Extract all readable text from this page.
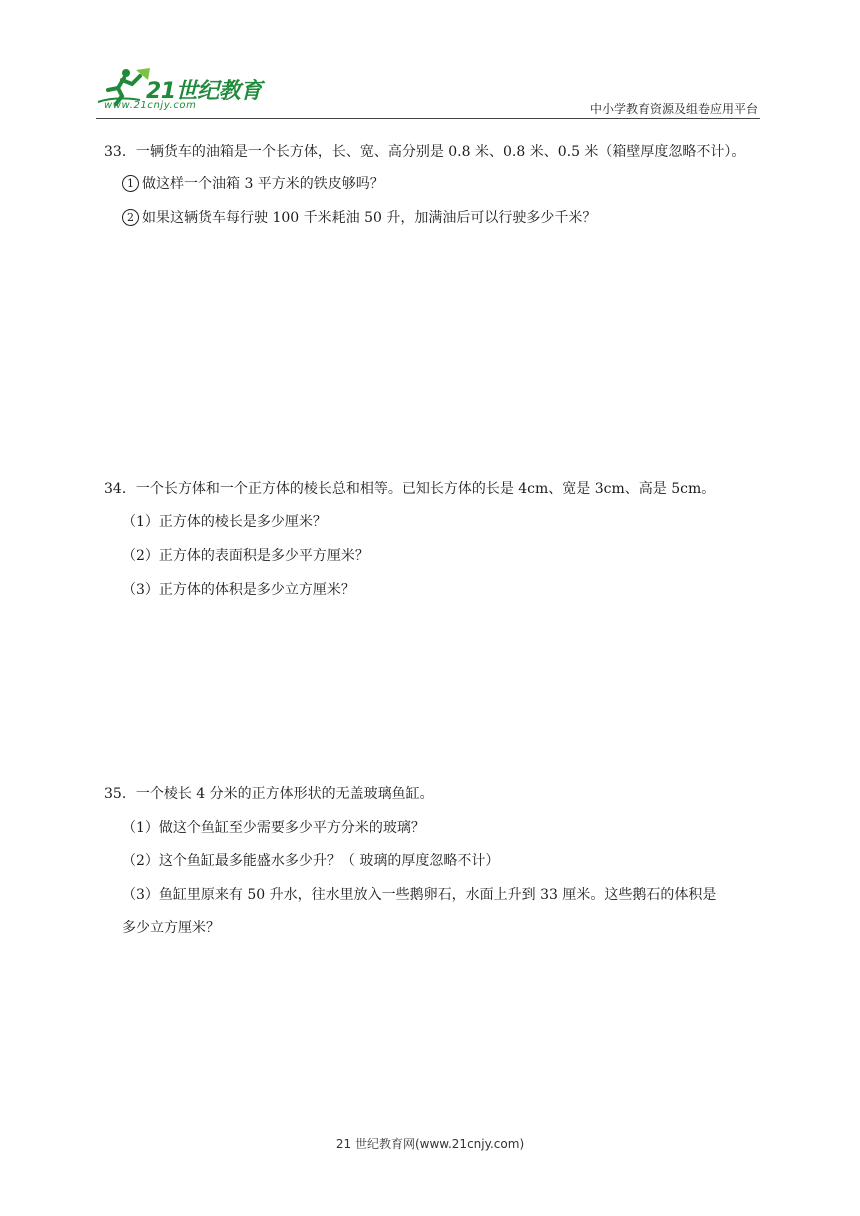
21世纪教育
www.21cnjy.com	中小学教育资源及组卷应用平台
33．一辆货车的油箱是一个长方体，长、宽、高分别是 0.8 米、0.8 米、0.5 米（箱壁厚度忽略不计）。
1 做这样一个油箱 3 平方米的铁皮够吗？
2 如果这辆货车每行驶 100 千米耗油 50 升，加满油后可以行驶多少千米？
34．一个长方体和一个正方体的棱长总和相等。已知长方体的长是 4cm、宽是 3cm、高是 5cm。
（1）正方体的棱长是多少厘米？
（2）正方体的表面积是多少平方厘米？
（3）正方体的体积是多少立方厘米？
35．一个棱长 4 分米的正方体形状的无盖玻璃鱼缸。
（1）做这个鱼缸至少需要多少平方分米的玻璃？
（2）这个鱼缸最多能盛水多少升？（ 玻璃的厚度忽略不计）
（3）鱼缸里原来有 50 升水，往水里放入一些鹅卵石，水面上升到 33 厘米。这些鹅石的体积是
多少立方厘米？
21 世纪教育网(www.21cnjy.com)
